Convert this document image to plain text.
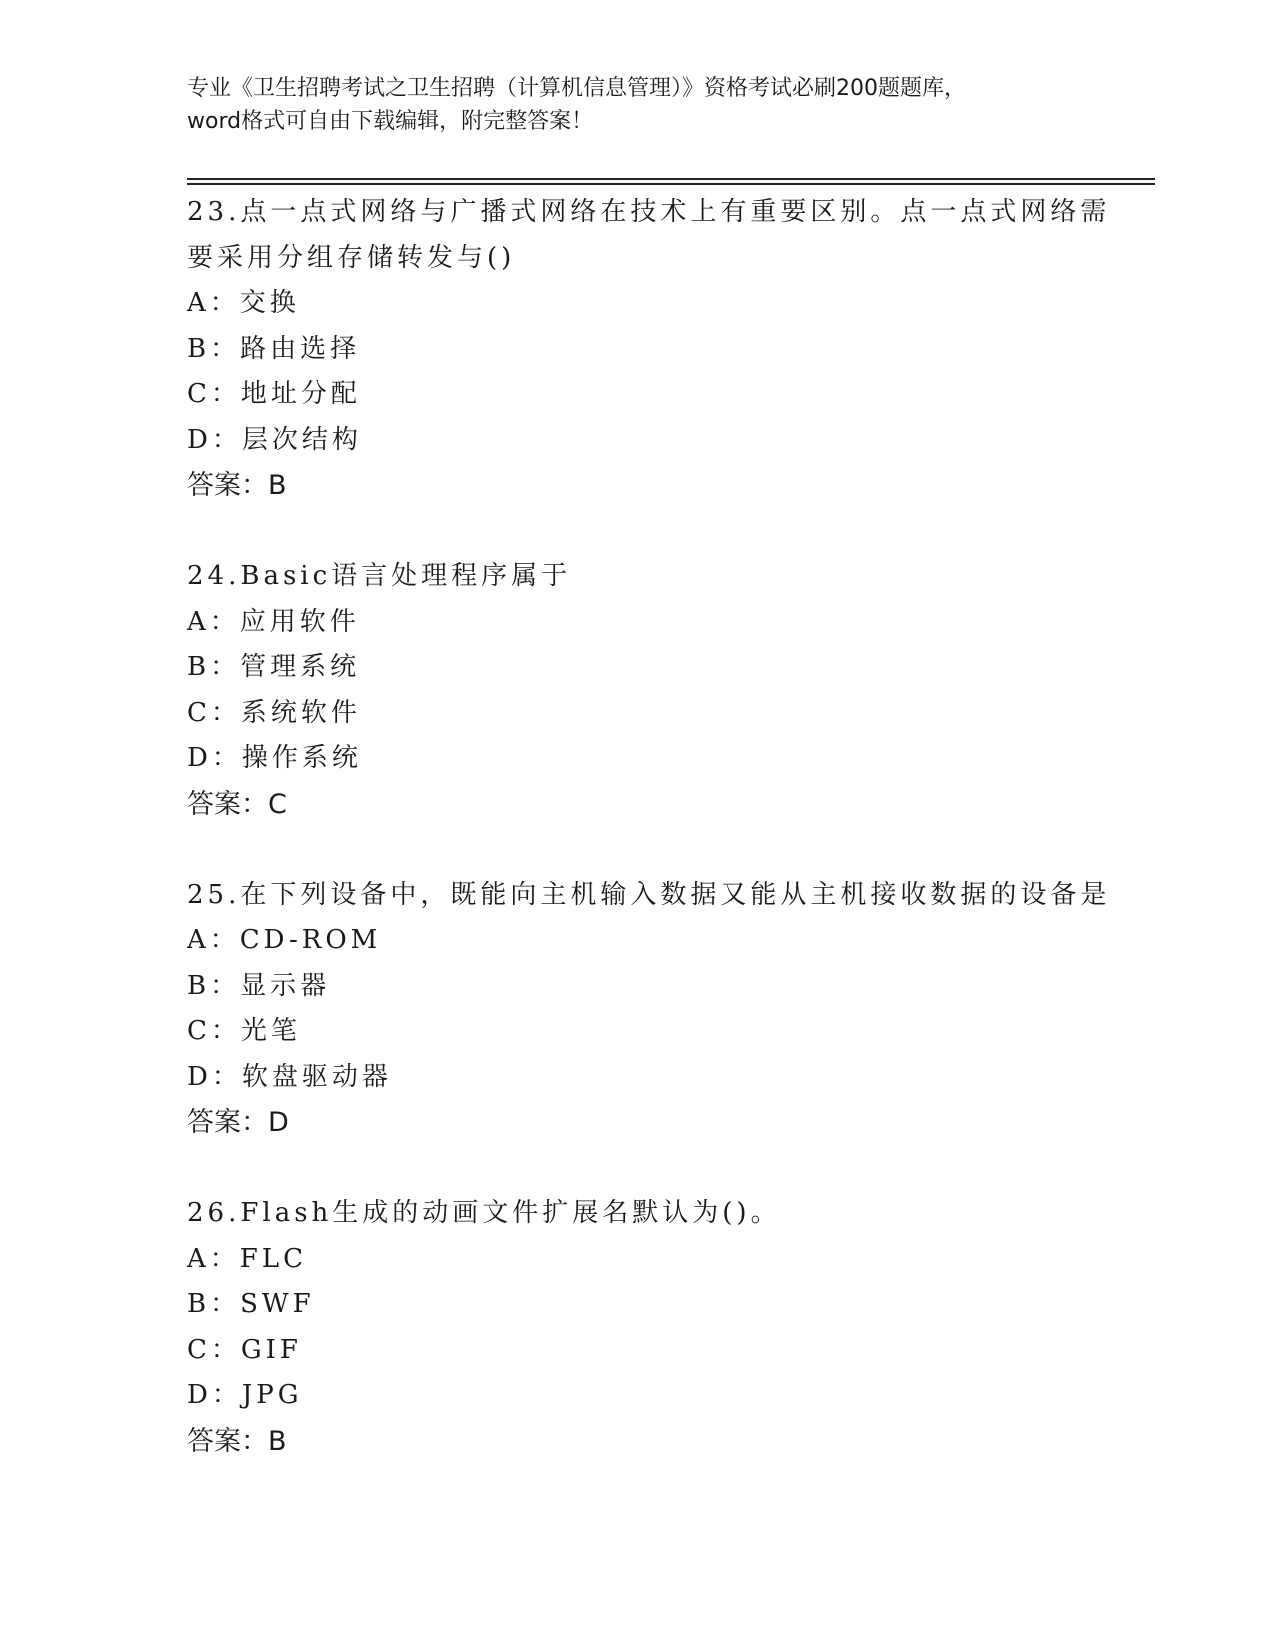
专业《卫生招聘考试之卫生招聘（计算机信息管理）》资格考试必刷200题题库，
word格式可自由下载编辑，附完整答案！
23.点一点式网络与广播式网络在技术上有重要区别。点一点式网络需
要采用分组存储转发与()
A：交换
B：路由选择
C：地址分配
D：层次结构
答案：B
24.Basic语言处理程序属于
A：应用软件
B：管理系统
C：系统软件
D：操作系统
答案：C
25.在下列设备中，既能向主机输入数据又能从主机接收数据的设备是
A：CD-ROM
B：显示器
C：光笔
D：软盘驱动器
答案：D
26.Flash生成的动画文件扩展名默认为()。
A：FLC
B：SWF
C：GIF
D：JPG
答案：B
